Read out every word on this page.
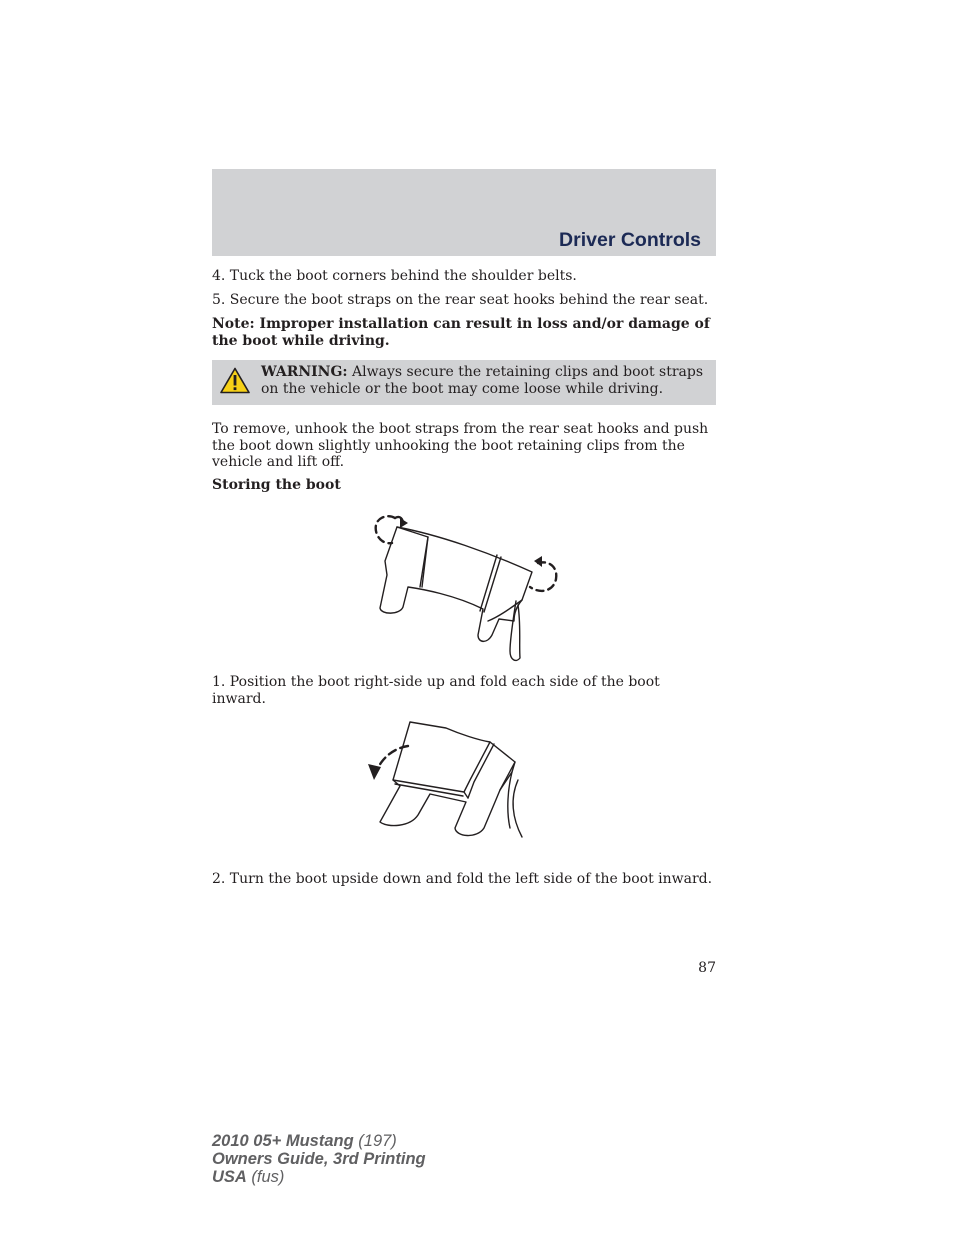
Driver Controls
4. Tuck the boot corners behind the shoulder belts.
5. Secure the boot straps on the rear seat hooks behind the rear seat.
Note: Improper installation can result in loss and/or damage of the boot while driving.
WARNING: Always secure the retaining clips and boot straps on the vehicle or the boot may come loose while driving.
To remove, unhook the boot straps from the rear seat hooks and push the boot down slightly unhooking the boot retaining clips from the vehicle and lift off.
Storing the boot
1. Position the boot right-side up and fold each side of the boot inward.
2. Turn the boot upside down and fold the left side of the boot inward.
87
2010 05+ Mustang (197)
Owners Guide, 3rd Printing
USA (fus)
